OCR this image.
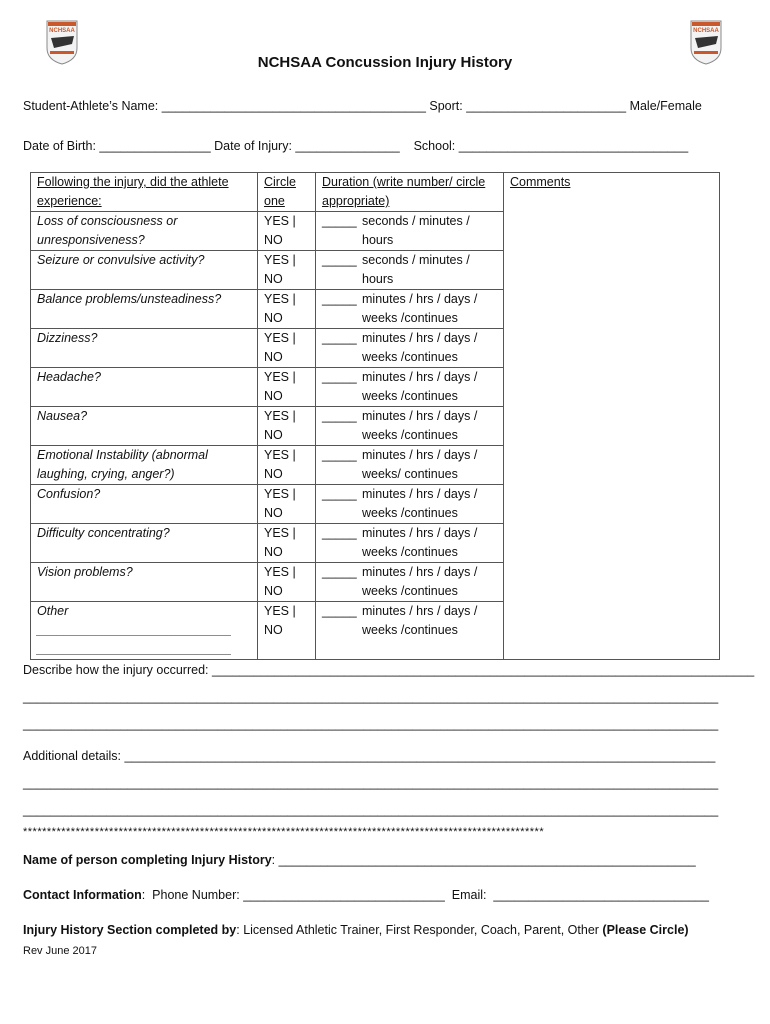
NCHSAA	NCHSAA
NCHSAA Concussion Injury History
Student-Athlete’s Name: ______________________________________ Sport: _______________________ Male/Female
Date of Birth: ________________ Date of Injury: _______________    School: _________________________________
Following the injury, did the athlete experience:	Circle one	Duration (write number/ circle appropriate)	Comments
Loss of consciousness or unresponsiveness?	YES | NO	_____ seconds / minutes / hours	

Seizure or convulsive activity?	YES | NO	_____ seconds / minutes / hours	

Balance problems/unsteadiness?	YES | NO	_____ minutes / hrs / days / weeks /continues	

Dizziness?	YES | NO	_____ minutes / hrs / days / weeks /continues	

Headache?	YES | NO	_____ minutes / hrs / days / weeks /continues	

Nausea?	YES | NO	_____ minutes / hrs / days / weeks /continues	

Emotional Instability (abnormal laughing, crying, anger?)	YES | NO	_____ minutes / hrs / days / weeks/ continues	

Confusion?	YES | NO	_____ minutes / hrs / days / weeks /continues	

Difficulty concentrating?	YES | NO	_____ minutes / hrs / days / weeks /continues	

Vision problems?	YES | NO	_____ minutes / hrs / days / weeks /continues	

Other ____________________________ ____________________________	YES | NO	_____ minutes / hrs / days / weeks /continues	
Describe how the injury occurred: ______________________________________________________________________________
____________________________________________________________________________________________________
____________________________________________________________________________________________________
Additional details: _____________________________________________________________________________________
____________________________________________________________________________________________________
____________________________________________________________________________________________________
*************************************************************************************************************
Name of person completing Injury History: ____________________________________________________________
Contact Information:  Phone Number: _____________________________  Email:  _______________________________
Injury History Section completed by: Licensed Athletic Trainer, First Responder, Coach, Parent, Other (Please Circle)
Rev June 2017
